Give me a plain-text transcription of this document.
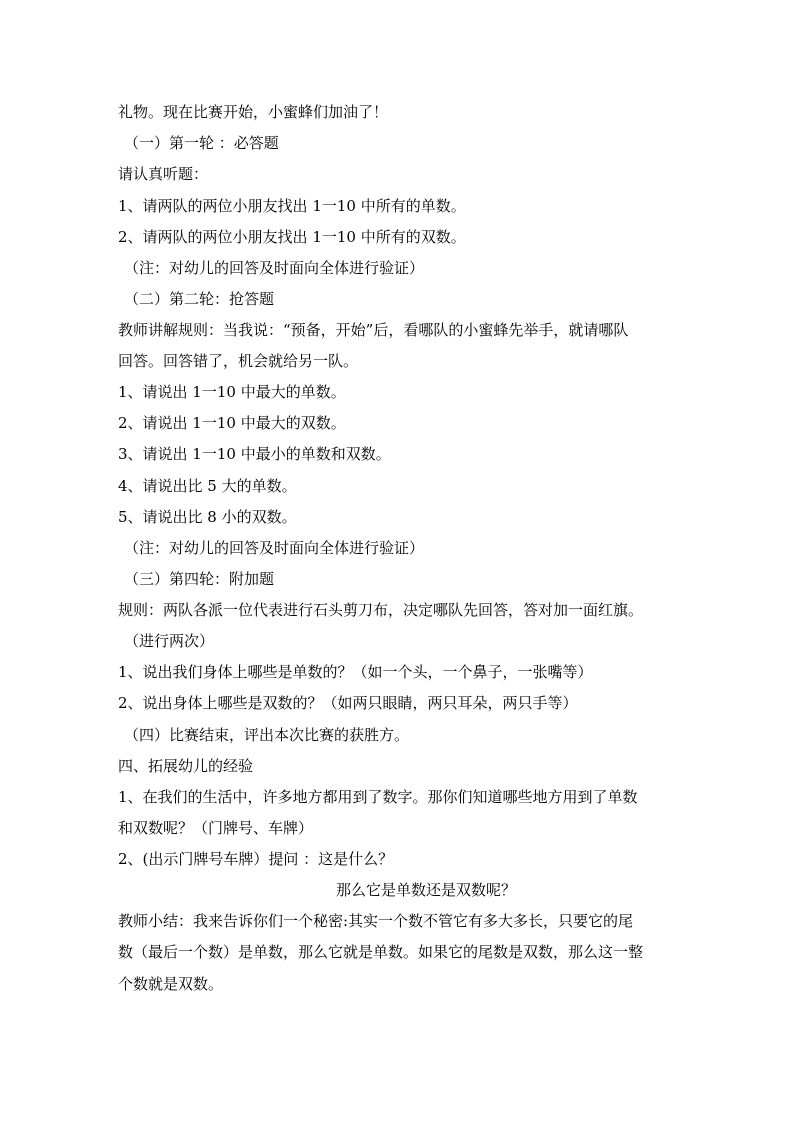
礼物。现在比赛开始，小蜜蜂们加油了！
（一）第一轮 ：必答题
请认真听题：
1、请两队的两位小朋友找出 1一10 中所有的单数。
2、请两队的两位小朋友找出 1一10 中所有的双数。
（注：对幼儿的回答及时面向全体进行验证）
（二）第二轮：抢答题
教师讲解规则：当我说：“预备，开始”后，看哪队的小蜜蜂先举手，就请哪队
回答。回答错了，机会就给另一队。
1、请说出 1一10 中最大的单数。
2、请说出 1一10 中最大的双数。
3、请说出 1一10 中最小的单数和双数。
4、请说出比 5 大的单数。
5、请说出比 8 小的双数。
（注：对幼儿的回答及时面向全体进行验证）
（三）第四轮：附加题
规则：两队各派一位代表进行石头剪刀布，决定哪队先回答，答对加一面红旗。
（进行两次）
1、说出我们身体上哪些是单数的？（如一个头，一个鼻子，一张嘴等）
2、说出身体上哪些是双数的？（如两只眼睛，两只耳朵，两只手等）
（四）比赛结束，评出本次比赛的获胜方。
四、拓展幼儿的经验
1、在我们的生活中，许多地方都用到了数字。那你们知道哪些地方用到了单数
和双数呢？（门牌号、车牌）
2、(出示门牌号车牌）提问 ：这是什么？
那么它是单数还是双数呢？
教师小结：我来告诉你们一个秘密:其实一个数不管它有多大多长，只要它的尾
数（最后一个数）是单数，那么它就是单数。如果它的尾数是双数，那么这一整
个数就是双数。
